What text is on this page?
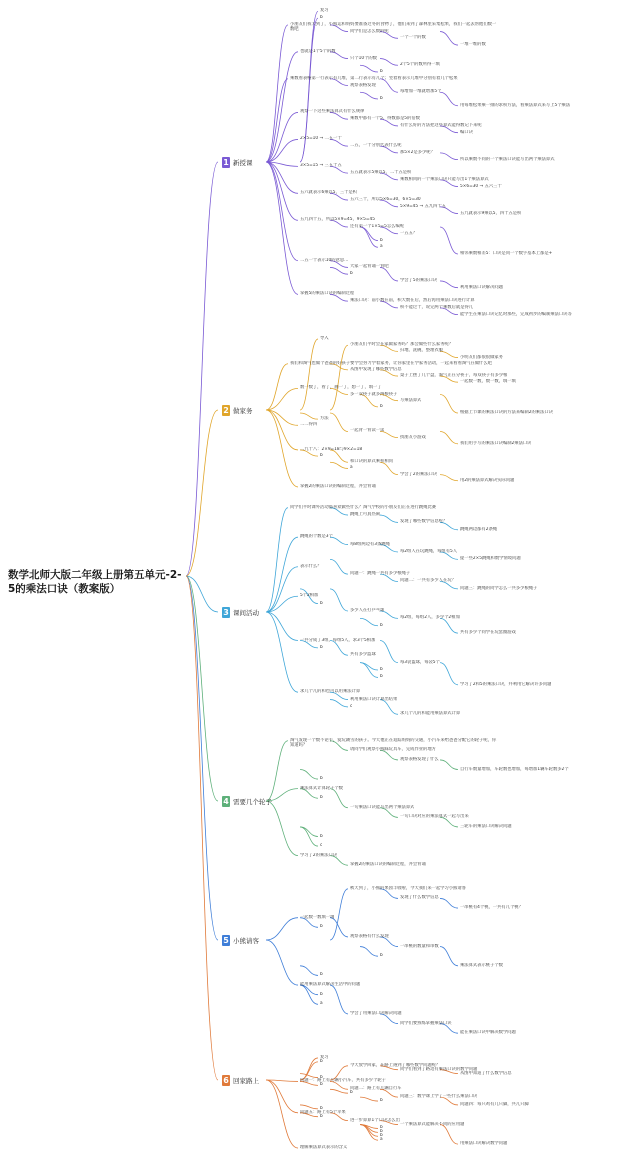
数学北师大版二年级上册第五单元-2-5的乘法口诀（教案版）
1 新授课
2 做家务
3 课间活动
4 需要几个轮子
5 小熊请客
6 回家路上
复习
b
小朋友们我天到了，小熊运和妈妈要准备过冬的食物了，他们来到了森林里采集松果，我们一起去帮他们数一数吧	同学们是怎么数的呢
一个一个的数
一堆一堆的数
也就是1个5个的数
只个10个的数
2个5个的数所得一填
b
乘数看表格第一行表示有几堆，第二行表示有几个；竖着看表示几堆中分别有着几个松果
观察表格发现
每增加一堆就增加5个
b
用每堆松果乘一排的求积方法，看乘法算式来写上5个乘法
观察一下这些乘法算式有什么规律
乘数中都有一个5，得数都是5的倍数
有什么好的方法把这些算式能得数记下来呢
编口诀
2×5=10 → 二五一十
二五，一十分别代表什么呢
那5×2是多少呢？
所以乘数不同的一个乘法口诀能写出两个乘法算式
3×5=15 → 三五十五
五五就表示5乘以5，二十五是积
乘数相同的一个乘法口诀只能写出1个乘法算式
5×6=30 → 五六三十
五六就表示6乘以5，三十是积
五六三十，所以5×6=30，6×5=30
5×9=45 → 五九四十五
五九就表示9乘以5，四十五是积
五九四十五，所以5×9=45，9×5=45
还有第一个1×5=5怎么编呢
一五五？
b
a
相邻乘数相差5：口诀是同一个数字基本上都是+
二五一十表示10的意思…
大家一起背诵一背吧
b
学会了5的乘法口诀
利用乘法口诀解决问题
掌握5的乘法口诀的编制过程
乘法口诀：前小数在前，积大数在后，然后再用乘法口诀进行计算
积不能过十，说完两个乘数后就是得几
能学生在乘法口诀记忆时那些，完成初步的编制乘法口诀等
导入
小朋友们平时会在家做家务吗？那会做些什么家务呢？
扫地、洗碗、整理衣服
小明友们都很很做家务
我们和淘气也做个爸爸的好孩子要学会努力学着家务，让你家里在学家务活动，一起来看看淘气在做什么吧
从图中发现了哪些数学信息
桌子上摆了几个盘，淘气正在分筷子，每双筷子有多少根
一起数一数，数一数，填一填
数一数了，看了，画一了，想一了，填一了
多一双筷子就多两根筷子
写乘法算式
b
根据上节课的乘法口诀的方法来编制2的乘法口诀
方法
二二得四
一起背一背读一读
找朋友小游戏
我们用手写的乘法口诀编制2乘法口诀
二九十八：2×9=18与9×2=18
b
和口诀的算式乘积相同
a
学会了2的乘法口诀
用2的乘法算式解决实际问题
掌握2的乘法口诀的编制过程，并会背诵
同学们平时课外活动都喜欢做些什么？淘气学校的小朋友们正在进行跳绳比赛
跳绳上可真热闹
发现了哪些数学信息呢？
跳绳两边都有2条绳
跳绳的个数是3个
每8组两边有3条跳绳
每2组人在玩跳绳，每组有5人
提一些2×5跳绳和数学情境问题
表示什么？
问题一：跳绳一共有多少根绳子
问题二：一共有多少人在玩？
问题三：跳绳的同学怎么一共多少根绳子
5个2相加
b
多少人在打乒乓球
每2组，每组2人，多少个2相加
b
共有多少个同学在玩套圈游戏
一共分成了3组，每组5人，求3个5相加
b
共有多少篮球
每3袋篮球，每袋5个
b
b
学习了2和5的乘法口诀，并利用它解决许多问题
求几个几的和也可以用乘法计算
利用乘法口诀计算出结果
c
求几个几的和能用乘法算式计算
淘气发现一个数不论手，爱玩踢雪的孩子。今天他正在追踪妈妈的交通，小汽车来给爸爸分配它的轮子呢，你知道吗？
请同学们观察小熊踩玩具车，完成作业的地方
观察表格发现了什么
自行车数量增加，车轮数也增加，每增加1辆车轮数多2个
b
乘法算式计算轮子个数
b
一句乘法口诀能写出两个乘法算式
一句口诀对应的乘法算式一起写出来
三轮车的乘法口诀解决问题
b
c
学习了2的乘法口诀
掌握2的乘法口诀的编制过程，并会背诵
秋天到了，小熊的果园丰收啦，今天我们来一起学习小熊请客
发现了什么数学信息
一串桃有4个桃，一共有几个桃？
一起数一数填一填
b
观察表格有什么发现
一串桃的数量和串数
b
乘法算式表示桃子个数
b
能用乘法算式解决生活中的问题
b
a
学会了用乘法口诀解决问题
同学们要熟练掌握乘法口诀
能在乘法口诀中解决数学问题
复习
b
今天放学回家，在路上遇到了哪些数学问题呢？
同学们看到了路边有乘法口诀的数学问题
从图中知道了什么数学信息
b
问题一：路上有几辆小汽车，共有多少个轮子
b
问题二：路上有几辆自行车
b
问题三：数学课上学了一些什么乘法口诀
b
问题四：每只鸡有几只脚，共几只脚
b
问题五：路上有5个苹果
b
进一步算算1个口诀怎么出
一个乘法算式能解决不同的应用题
b
b
b
a
用乘法口诀解决数学问题
理解乘法算式表示的含义
